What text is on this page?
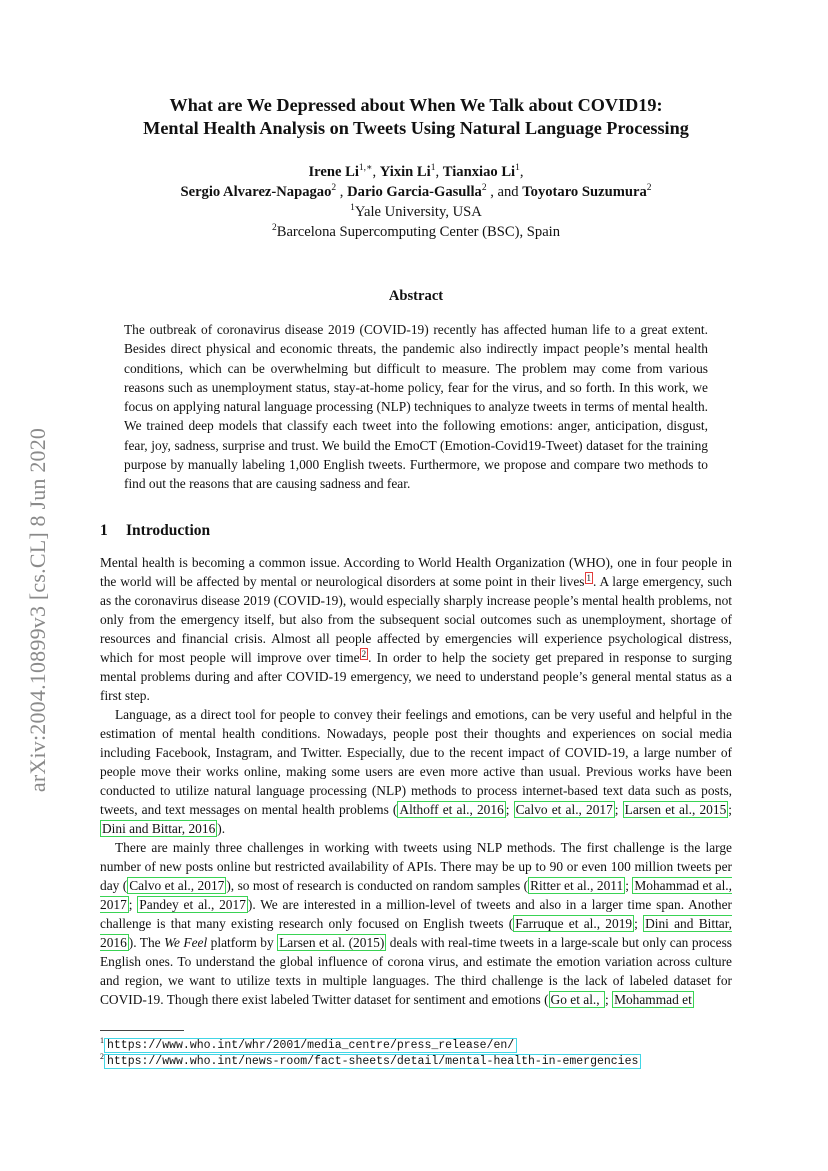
arXiv:2004.10899v3 [cs.CL] 8 Jun 2020
What are We Depressed about When We Talk about COVID19:
Mental Health Analysis on Tweets Using Natural Language Processing
Irene $Li^{1,∗}$, Yixin Li$^1$, Tianxiao Li$^1$,
Sergio Alvarez-Napagao$^2$ , Dario Garcia-Gasulla$^2$ , and Toyotaro Suzumura$^2$
$^1$Yale University, USA
$^2$Barcelona Supercomputing Center (BSC), Spain
Abstract

The outbreak of coronavirus disease 2019 (COVID-19) recently has affected human life to a great extent. Besides direct physical and economic threats, the pandemic also indirectly impact people’s mental health conditions, which can be overwhelming but difficult to measure. The problem may come from various reasons such as unemployment status, stay-at-home policy, fear for the virus, and so forth. In this work, we focus on applying natural language processing (NLP) techniques to analyze tweets in terms of mental health. We trained deep models that classify each tweet into the following emotions: anger, anticipation, disgust, fear, joy, sadness, surprise and trust. We build the EmoCT (Emotion-Covid19-Tweet) dataset for the training purpose by manually labeling 1,000 English tweets. Furthermore, we propose and compare two methods to find out the reasons that are causing sadness and fear.

1 Introduction

Mental health is becoming a common issue. According to World Health Organization (WHO), one in four people in the world will be affected by mental or neurological disorders at some point in their lives $^1$ . A large emergency, such as the coronavirus disease 2019 (COVID-19), would especially sharply increase people’s mental health problems, not only from the emergency itself, but also from the subsequent social outcomes such as unemployment, shortage of resources and financial crisis. Almost all people affected by emergencies will experience psychological distress, which for most people will improve over time $^2$ . In order to help the society get prepared in response to surging mental problems during and after COVID-19 emergency, we need to understand people’s general mental status as a first step.

Language, as a direct tool for people to convey their feelings and emotions, can be very useful and helpful in the estimation of mental health conditions. Nowadays, people post their thoughts and experiences on social media including Facebook, Instagram, and Twitter. Especially, due to the recent impact of COVID-19, a large number of people move their works online, making some users are even more active than usual. Previous works have been conducted to utilize natural language processing (NLP) methods to process internet-based text data such as posts, tweets, and text messages on mental health problems ( Althoff et al., 2016 ; Calvo et al., 2017 ; Larsen et al., 2015 ; Dini and Bittar, 2016 ).

There are mainly three challenges in working with tweets using NLP methods. The first challenge is the large number of new posts online but restricted availability of APIs. There may be up to 90 or even 100 million tweets per day ( Calvo et al., 2017 ), so most of research is conducted on random samples ( Ritter et al., 2011 ; Mohammad et al., 2017 ; Pandey et al., 2017 ). We are interested in a million-level of tweets and also in a larger time span. Another challenge is that many existing research only focused on English tweets ( Farruque et al., 2019 ; Dini and Bittar, 2016 ). The We Feel platform by Larsen et al. (2015) deals with real-time tweets in a large-scale but only can process English ones. To understand the global influence of corona virus, and estimate the emotion variation across culture and region, we want to utilize texts in multiple languages. The third challenge is the lack of labeled dataset for COVID-19. Though there exist labeled Twitter dataset for sentiment and emotions ( Go et al., ; Mohammad et

$^1$ https://www.who.int/whr/2001/media_centre/press_release/en/
$^2$ https://www.who.int/news-room/fact-sheets/detail/mental-health-in-emergencies
